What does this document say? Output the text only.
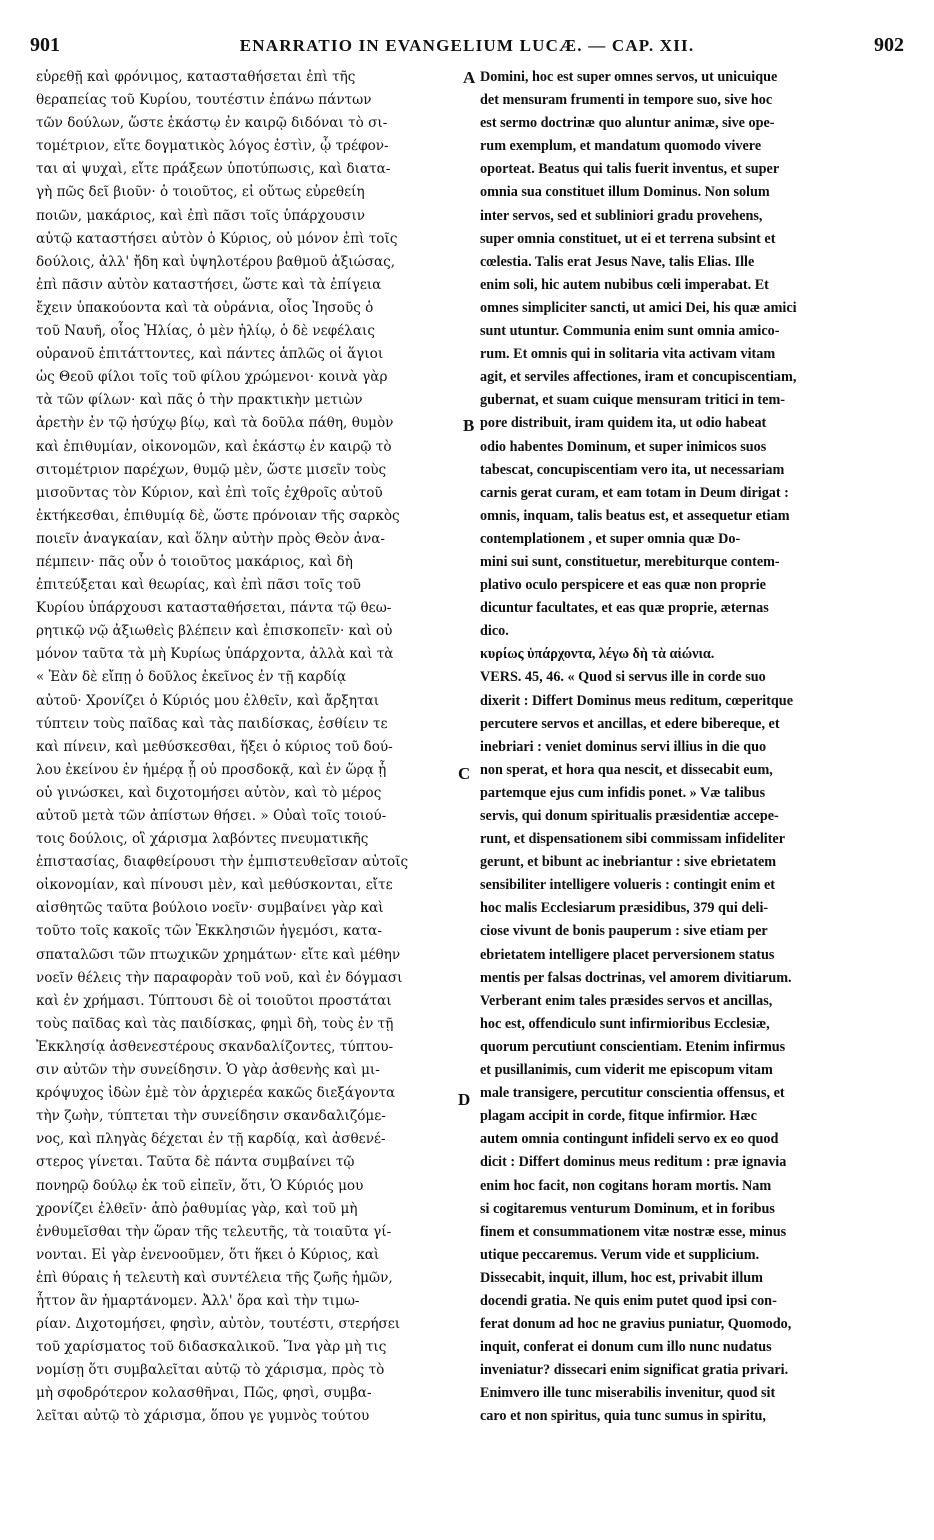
901	ENARRATIO IN EVANGELIUM LUCÆ. — CAP. XII.	902
εὑρεθῇ καὶ φρόνιμος, κατασταθήσεται ἐπὶ τῆς
θεραπείας τοῦ Κυρίου, τουτέστιν ἐπάνω πάντων
τῶν δούλων, ὥστε ἑκάστῳ ἐν καιρῷ διδόναι τὸ σι-
τομέτριον, εἴτε δογματικὸς λόγος ἐστὶν, ᾧ τρέφον-
ται αἱ ψυχαὶ, εἴτε πράξεων ὑποτύπωσις, καὶ διατα-
γὴ πῶς δεῖ βιοῦν· ὁ τοιοῦτος, εἰ οὕτως εὑρεθείη
ποιῶν, μακάριος, καὶ ἐπὶ πᾶσι τοῖς ὑπάρχουσιν
αὐτῷ καταστήσει αὐτὸν ὁ Κύριος, οὐ μόνον ἐπὶ τοῖς
δούλοις, ἀλλ' ἤδη καὶ ὑψηλοτέρου βαθμοῦ ἀξιώσας,
ἐπὶ πᾶσιν αὐτὸν καταστήσει, ὥστε καὶ τὰ ἐπίγεια
ἔχειν ὑπακούοντα καὶ τὰ οὐράνια, οἷος Ἰησοῦς ὁ
τοῦ Ναυῆ, οἷος Ἠλίας, ὁ μὲν ἡλίῳ, ὁ δὲ νεφέλαις
οὐρανοῦ ἐπιτάττοντες, καὶ πάντες ἁπλῶς οἱ ἅγιοι
ὡς Θεοῦ φίλοι τοῖς τοῦ φίλου χρώμενοι· κοινὰ γὰρ
τὰ τῶν φίλων· καὶ πᾶς ὁ τὴν πρακτικὴν μετιὼν
ἀρετὴν ἐν τῷ ἡσύχῳ βίῳ, καὶ τὰ δοῦλα πάθη, θυμὸν
καὶ ἐπιθυμίαν, οἰκονομῶν, καὶ ἑκάστῳ ἐν καιρῷ τὸ
σιτομέτριον παρέχων, θυμῷ μὲν, ὥστε μισεῖν τοὺς
μισοῦντας τὸν Κύριον, καὶ ἐπὶ τοῖς ἐχθροῖς αὐτοῦ
ἐκτήκεσθαι, ἐπιθυμίᾳ δὲ, ὥστε πρόνοιαν τῆς σαρκὸς
ποιεῖν ἀναγκαίαν, καὶ ὅλην αὐτὴν πρὸς Θεὸν ἀνα-
πέμπειν· πᾶς οὖν ὁ τοιοῦτος μακάριος, καὶ δὴ
ἐπιτεύξεται καὶ θεωρίας, καὶ ἐπὶ πᾶσι τοῖς τοῦ
Κυρίου ὑπάρχουσι κατασταθήσεται, πάντα τῷ θεω-
ρητικῷ νῷ ἀξιωθεὶς βλέπειν καὶ ἐπισκοπεῖν· καὶ οὐ
μόνον ταῦτα τὰ μὴ Κυρίως ὑπάρχοντα, ἀλλὰ καὶ τὰ
« Ἐὰν δὲ εἴπῃ ὁ δοῦλος ἐκεῖνος ἐν τῇ καρδίᾳ
αὐτοῦ· Χρονίζει ὁ Κύριός μου ἐλθεῖν, καὶ ἄρξηται
τύπτειν τοὺς παῖδας καὶ τὰς παιδίσκας, ἐσθίειν τε
καὶ πίνειν, καὶ μεθύσκεσθαι, ἥξει ὁ κύριος τοῦ δού-
λου ἐκείνου ἐν ἡμέρᾳ ᾗ οὐ προσδοκᾷ, καὶ ἐν ὥρᾳ ᾗ
οὐ γινώσκει, καὶ διχοτομήσει αὐτὸν, καὶ τὸ μέρος
αὐτοῦ μετὰ τῶν ἀπίστων θήσει. » Οὐαὶ τοῖς τοιού-
τοις δούλοις, οἳ χάρισμα λαβόντες πνευματικῆς
ἐπιστασίας, διαφθείρουσι τὴν ἐμπιστευθεῖσαν αὐτοῖς
οἰκονομίαν, καὶ πίνουσι μὲν, καὶ μεθύσκονται, εἴτε
αἰσθητῶς ταῦτα βούλοιο νοεῖν· συμβαίνει γὰρ καὶ
τοῦτο τοῖς κακοῖς τῶν Ἐκκλησιῶν ἡγεμόσι, κατα-
σπαταλῶσι τῶν πτωχικῶν χρημάτων· εἴτε καὶ μέθην
νοεῖν θέλεις τὴν παραφορὰν τοῦ νοῦ, καὶ ἐν δόγμασι
καὶ ἐν χρήμασι. Τύπτουσι δὲ οἱ τοιοῦτοι προστάται
τοὺς παῖδας καὶ τὰς παιδίσκας, φημὶ δὴ, τοὺς ἐν τῇ
Ἐκκλησίᾳ ἀσθενεστέρους σκανδαλίζοντες, τύπτου-
σιν αὐτῶν τὴν συνείδησιν. Ὁ γὰρ ἀσθενὴς καὶ μι-
κρόψυχος ἰδὼν ἐμὲ τὸν ἀρχιερέα κακῶς διεξάγοντα
τὴν ζωὴν, τύπτεται τὴν συνείδησιν σκανδαλιζόμε-
νος, καὶ πληγὰς δέχεται ἐν τῇ καρδίᾳ, καὶ ἀσθενέ-
στερος γίνεται. Ταῦτα δὲ πάντα συμβαίνει τῷ
πονηρῷ δούλῳ ἐκ τοῦ εἰπεῖν, ὅτι, Ὁ Κύριός μου
χρονίζει ἐλθεῖν· ἀπὸ ῥαθυμίας γὰρ, καὶ τοῦ μὴ
ἐνθυμεῖσθαι τὴν ὥραν τῆς τελευτῆς, τὰ τοιαῦτα γί-
νονται. Εἰ γὰρ ἐνενοοῦμεν, ὅτι ἥκει ὁ Κύριος, καὶ
ἐπὶ θύραις ἡ τελευτὴ καὶ συντέλεια τῆς ζωῆς ἡμῶν,
ἧττον ἂν ἡμαρτάνομεν. Ἀλλ' ὅρα καὶ τὴν τιμω-
ρίαν. Διχοτομήσει, φησὶν, αὐτὸν, τουτέστι, στερήσει
τοῦ χαρίσματος τοῦ διδασκαλικοῦ. Ἵνα γὰρ μὴ τις
νομίσῃ ὅτι συμβαλεῖται αὐτῷ τὸ χάρισμα, πρὸς τὸ
μὴ σφοδρότερον κολασθῆναι, Πῶς, φησὶ, συμβα-
λεῖται αὐτῷ τὸ χάρισμα, ὅπου γε γυμνὸς τούτου
Domini, hoc est super omnes servos, ut unicuique
det mensuram frumenti in tempore suo, sive hoc
est sermo doctrinæ quo aluntur animæ, sive ope-
rum exemplum, et mandatum quomodo vivere
oporteat. Beatus qui talis fuerit inventus, et super
omnia sua constituet illum Dominus. Non solum
inter servos, sed et subliniori gradu provehens,
super omnia constituet, ut ei et terrena subsint et
cœlestia. Talis erat Jesus Nave, talis Elias. Ille
enim soli, hic autem nubibus cœli imperabat. Et
omnes simpliciter sancti, ut amici Dei, his quæ amici
sunt utuntur. Communia enim sunt omnia amico-
rum. Et omnis qui in solitaria vita activam vitam
agit, et serviles affectiones, iram et concupiscentiam,
gubernat, et suam cuique mensuram tritici in tem-
pore distribuit, iram quidem ita, ut odio habeat
odio habentes Dominum, et super inimicos suos
tabescat, concupiscentiam vero ita, ut necessariam
carnis gerat curam, et eam totam in Deum dirigat :
omnis, inquam, talis beatus est, et assequetur etiam
contemplationem , et super omnia quæ Do-
mini sui sunt, constituetur, merebiturque contem-
plativo oculo perspicere et eas quæ non proprie
dicuntur facultates, et eas quæ proprie, æternas
dico.
κυρίως ὑπάρχοντα, λέγω δὴ τὰ αἰώνια.
VERS. 45, 46. « Quod si servus ille in corde suo
dixerit : Differt Dominus meus reditum, cœperitque
percutere servos et ancillas, et edere bibereque, et
inebriari : veniet dominus servi illius in die quo
non sperat, et hora qua nescit, et dissecabit eum,
partemque ejus cum infidis ponet. » Væ talibus
servis, qui donum spiritualis præsidentiæ accepe-
runt, et dispensationem sibi commissam infideliter
gerunt, et bibunt ac inebriantur : sive ebrietatem
sensibiliter intelligere volueris : contingit enim et
hoc malis Ecclesiarum præsidibus, 379 qui deli-
ciose vivunt de bonis pauperum : sive etiam per
ebrietatem intelligere placet perversionem status
mentis per falsas doctrinas, vel amorem divitiarum.
Verberant enim tales præsides servos et ancillas,
hoc est, offendiculo sunt infirmioribus Ecclesiæ,
quorum percutiunt conscientiam. Etenim infirmus
et pusillanimis, cum viderit me episcopum vitam
male transigere, percutitur conscientia offensus, et
plagam accipit in corde, fitque infirmior. Hæc
autem omnia contingunt infideli servo ex eo quod
dicit : Differt dominus meus reditum : præ ignavia
enim hoc facit, non cogitans horam mortis. Nam
si cogitaremus venturum Dominum, et in foribus
finem et consummationem vitæ nostræ esse, minus
utique peccaremus. Verum vide et supplicium.
Dissecabit, inquit, illum, hoc est, privabit illum
docendi gratia. Ne quis enim putet quod ipsi con-
ferat donum ad hoc ne gravius puniatur, Quomodo,
inquit, conferat ei donum cum illo nunc nudatus
inveniatur? dissecari enim significat gratia privari.
Enimvero ille tunc miserabilis invenitur, quod sit
caro et non spiritus, quia tunc sumus in spiritu,
A
B
C
D
